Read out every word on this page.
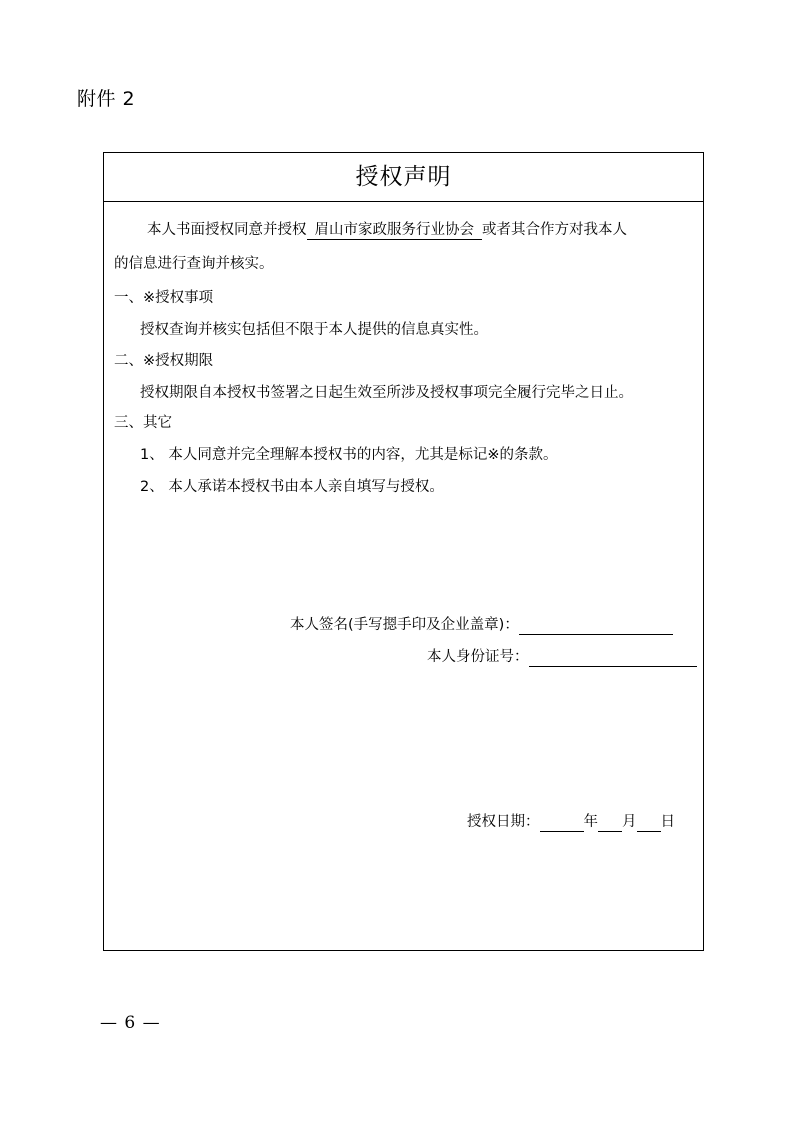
附件 2
授权声明
本人书面授权同意并授权 眉山市家政服务行业协会 或者其合作方对我本人
的信息进行查询并核实。
一、※授权事项
授权查询并核实包括但不限于本人提供的信息真实性。
二、※授权期限
授权期限自本授权书签署之日起生效至所涉及授权事项完全履行完毕之日止。
三、其它
1、 本人同意并完全理解本授权书的内容，尤其是标记※的条款。
2、 本人承诺本授权书由本人亲自填写与授权。
本人签名(手写摁手印及企业盖章)：
本人身份证号：
授权日期：	年 月 日
— 6 —
